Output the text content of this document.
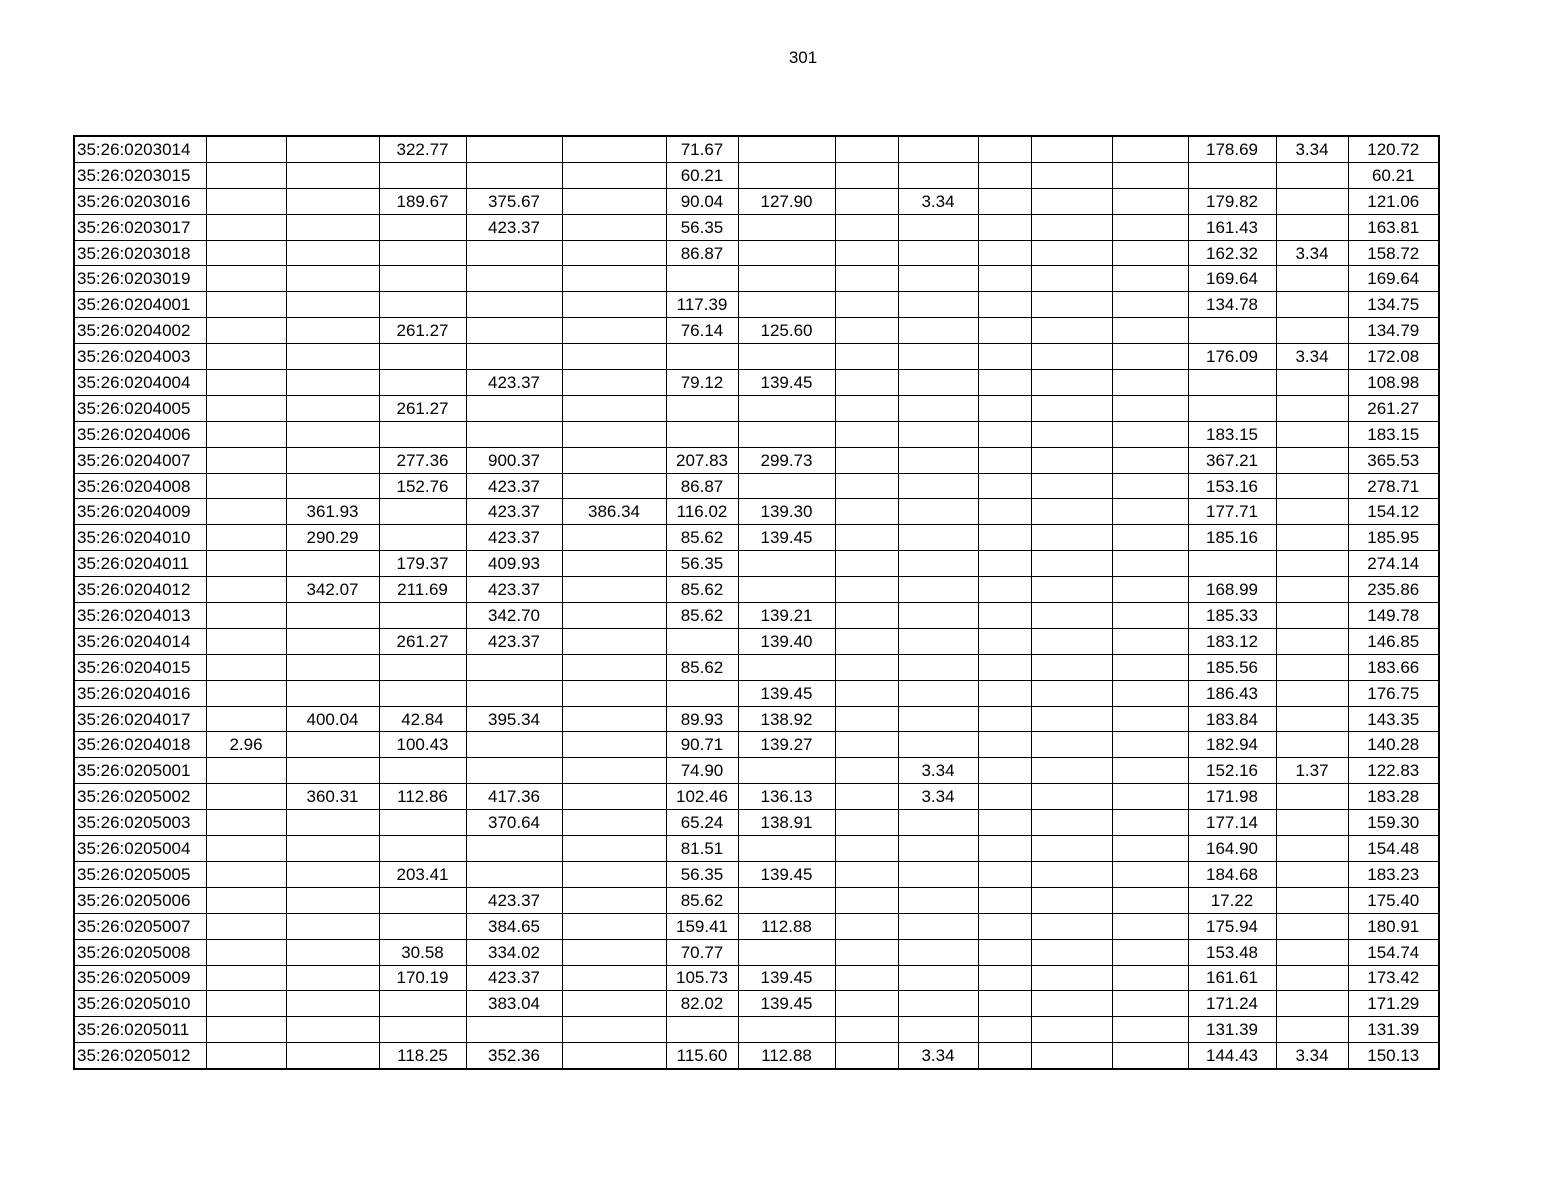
301
35:26:0203014			322.77			71.67							178.69	3.34	120.72
35:26:0203015						60.21									60.21
35:26:0203016			189.67	375.67		90.04	127.90		3.34				179.82		121.06
35:26:0203017				423.37		56.35							161.43		163.81
35:26:0203018						86.87							162.32	3.34	158.72
35:26:0203019													169.64		169.64
35:26:0204001						117.39							134.78		134.75
35:26:0204002			261.27			76.14	125.60								134.79
35:26:0204003													176.09	3.34	172.08
35:26:0204004				423.37		79.12	139.45								108.98
35:26:0204005			261.27												261.27
35:26:0204006													183.15		183.15
35:26:0204007			277.36	900.37		207.83	299.73						367.21		365.53
35:26:0204008			152.76	423.37		86.87							153.16		278.71
35:26:0204009		361.93		423.37	386.34	116.02	139.30						177.71		154.12
35:26:0204010		290.29		423.37		85.62	139.45						185.16		185.95
35:26:0204011			179.37	409.93		56.35									274.14
35:26:0204012		342.07	211.69	423.37		85.62							168.99		235.86
35:26:0204013				342.70		85.62	139.21						185.33		149.78
35:26:0204014			261.27	423.37			139.40						183.12		146.85
35:26:0204015						85.62							185.56		183.66
35:26:0204016							139.45						186.43		176.75
35:26:0204017		400.04	42.84	395.34		89.93	138.92						183.84		143.35
35:26:0204018	2.96		100.43			90.71	139.27						182.94		140.28
35:26:0205001						74.90			3.34				152.16	1.37	122.83
35:26:0205002		360.31	112.86	417.36		102.46	136.13		3.34				171.98		183.28
35:26:0205003				370.64		65.24	138.91						177.14		159.30
35:26:0205004						81.51							164.90		154.48
35:26:0205005			203.41			56.35	139.45						184.68		183.23
35:26:0205006				423.37		85.62							17.22		175.40
35:26:0205007				384.65		159.41	112.88						175.94		180.91
35:26:0205008			30.58	334.02		70.77							153.48		154.74
35:26:0205009			170.19	423.37		105.73	139.45						161.61		173.42
35:26:0205010				383.04		82.02	139.45						171.24		171.29
35:26:0205011													131.39		131.39
35:26:0205012			118.25	352.36		115.60	112.88		3.34				144.43	3.34	150.13
